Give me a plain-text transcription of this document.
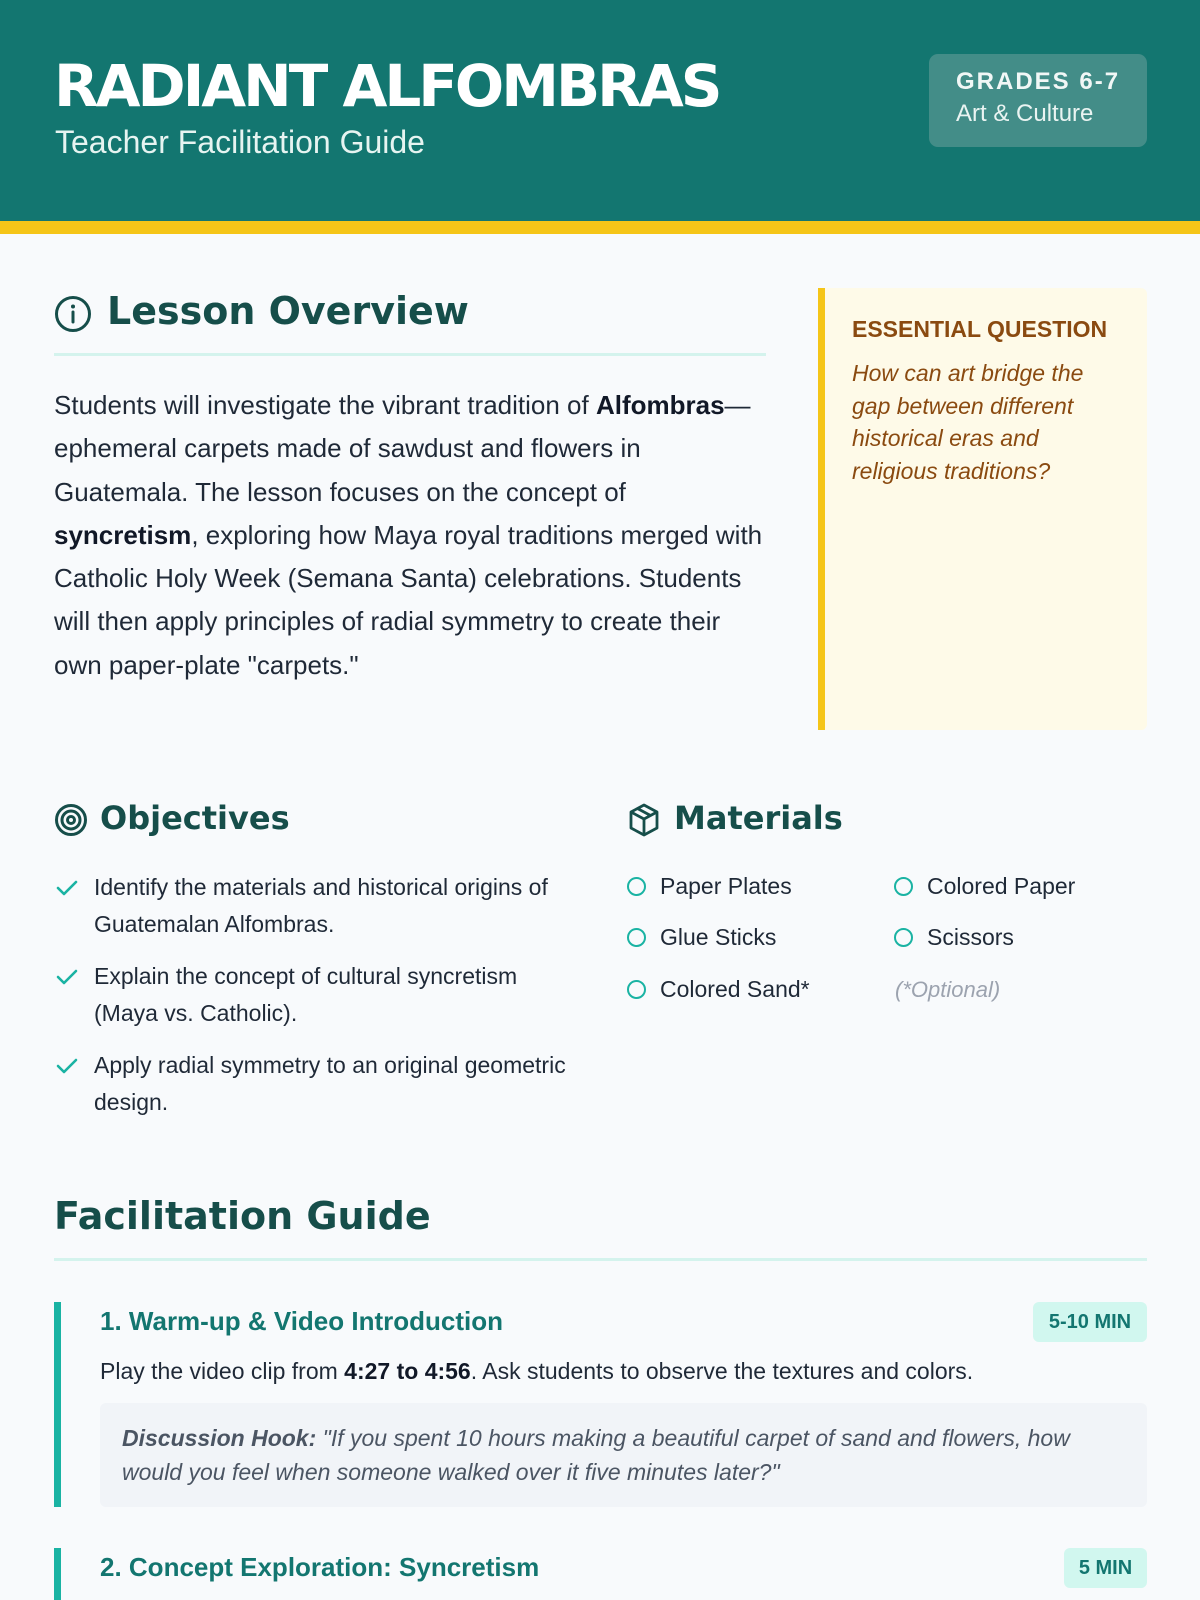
RADIANT ALFOMBRAS
Teacher Facilitation Guide
GRADES 6-7
Art & Culture
Lesson Overview
Students will investigate the vibrant tradition of Alfombras—ephemeral carpets made of sawdust and flowers in Guatemala. The lesson focuses on the concept of syncretism, exploring how Maya royal traditions merged with Catholic Holy Week (Semana Santa) celebrations. Students will then apply principles of radial symmetry to create their own paper-plate "carpets."
ESSENTIAL QUESTION
How can art bridge the gap between different historical eras and religious traditions?
Objectives
Identify the materials and historical origins of Guatemalan Alfombras.
Explain the concept of cultural syncretism (Maya vs. Catholic).
Apply radial symmetry to an original geometric design.
Materials
Paper Plates	Colored Paper
Glue Sticks	Scissors
Colored Sand*	(*Optional)
Facilitation Guide
1. Warm-up & Video Introduction	5-10 MIN
Play the video clip from 4:27 to 4:56. Ask students to observe the textures and colors.
Discussion Hook: "If you spent 10 hours making a beautiful carpet of sand and flowers, how would you feel when someone walked over it five minutes later?"
2. Concept Exploration: Syncretism	5 MIN
